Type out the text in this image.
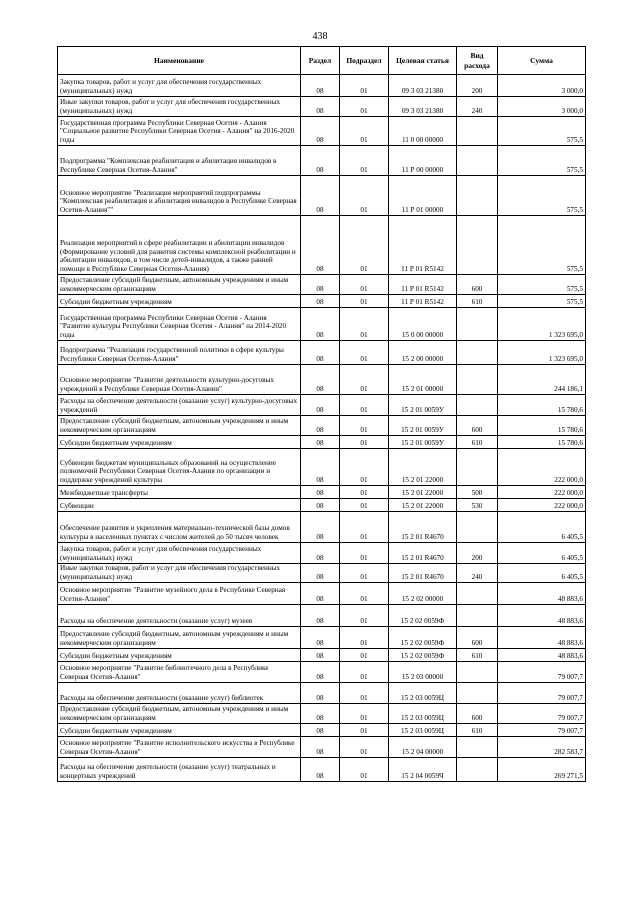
438
Наименование	Раздел	Подраздел	Целевая статья	Вид расхода	Сумма
Закупка товаров, работ и услуг для обеспечения государственных (муниципальных) нужд	08	01	09 3 03 21380	200	3 000,0
Иные закупки товаров, работ и услуг для обеспечения государственных (муниципальных) нужд	08	01	09 3 03 21380	240	3 000,0
Государственная программа Республики Северная Осетия - Алания "Социальное развитие Республики Северная Осетия - Алания" на 2016-2020 годы	08	01	11 0 00 00000		575,5
Подпрограмма "Комплексная реабилитация и абилитация инвалидов в Республике Северная Осетия-Алания"	08	01	11 Р 00 00000		575,5
Основное мероприятие "Реализация мероприятий подпрограммы "Комплексная реабилитация и абилитация инвалидов в Республике Северная Осетия-Алания""	08	01	11 Р 01 00000		575,5
Реализация мероприятий в сфере реабилитации и абилитации инвалидов (Формирование условий для развития системы комплексной реабилитации и абилитации инвалидов, в том числе детей-инвалидов, а также ранней помощи в Республике Северная Осетия-Алания)	08	01	11 Р 01 R5142		575,5
Предоставление субсидий бюджетным, автономным учреждениям и иным некоммерческим организациям	08	01	11 Р 01 R5142	600	575,5
Субсидии бюджетным учреждениям	08	01	11 Р 01 R5142	610	575,5
Государственная программа Республики Северная Осетия - Алания "Развитие культуры Республики Северная Осетия - Алания" на 2014-2020 годы	08	01	15 0 00 00000		1 323 695,0
Подпрограмма "Реализация государственной политики в сфере культуры Республики Северная Осетия-Алания"	08	01	15 2 00 00000		1 323 695,0
Основное мероприятие "Развитие деятельности культурно-досуговых учреждений в Республике Северная Осетия-Алания"	08	01	15 2 01 00000		244 186,1
Расходы на обеспечение деятельности (оказание услуг) культурно-досуговых учреждений	08	01	15 2 01 0059У		15 780,6
Предоставление субсидий бюджетным, автономным учреждениям и иным некоммерческим организациям	08	01	15 2 01 0059У	600	15 780,6
Субсидии бюджетным учреждениям	08	01	15 2 01 0059У	610	15 780,6
Субвенции бюджетам муниципальных образований на осуществление полномочий Республики Северная Осетия-Алания по организации и поддержке учреждений культуры	08	01	15 2 01 22000		222 000,0
Межбюджетные трансферты	08	01	15 2 01 22000	500	222 000,0
Субвенции	08	01	15 2 01 22000	530	222 000,0
Обеспечение развития и укрепления материально-технической базы домов культуры в населенных пунктах с числом жителей до 50 тысяч человек	08	01	15 2 01 R4670		6 405,5
Закупка товаров, работ и услуг для обеспечения государственных (муниципальных) нужд	08	01	15 2 01 R4670	200	6 405,5
Иные закупки товаров, работ и услуг для обеспечения государственных (муниципальных) нужд	08	01	15 2 01 R4670	240	6 405,5
Основное мероприятие "Развитие музейного дела в Республике Северная Осетия-Алания"	08	01	15 2 02 00000		48 883,6
Расходы на обеспечение деятельности (оказание услуг) музеев	08	01	15 2 02 0059Ф		48 883,6
Предоставление субсидий бюджетным, автономным учреждениям и иным некоммерческим организациям	08	01	15 2 02 0059Ф	600	48 883,6
Субсидии бюджетным учреждениям	08	01	15 2 02 0059Ф	610	48 883,6
Основное мероприятие "Развитие библиотечного дела в Республике Северная Осетия-Алания"	08	01	15 2 03 00000		79 007,7
Расходы на обеспечение деятельности (оказание услуг) библиотек	08	01	15 2 03 0059Ц		79 007,7
Предоставление субсидий бюджетным, автономным учреждениям и иным некоммерческим организациям	08	01	15 2 03 0059Ц	600	79 007,7
Субсидии бюджетным учреждениям	08	01	15 2 03 0059Ц	610	79 007,7
Основное мероприятие "Развитие исполнительского искусства в Республике Северная Осетия-Алания"	08	01	15 2 04 00000		282 583,7
Расходы на обеспечение деятельности (оказание услуг) театральных и концертных учреждений	08	01	15 2 04 0059Ч		269 271,5
